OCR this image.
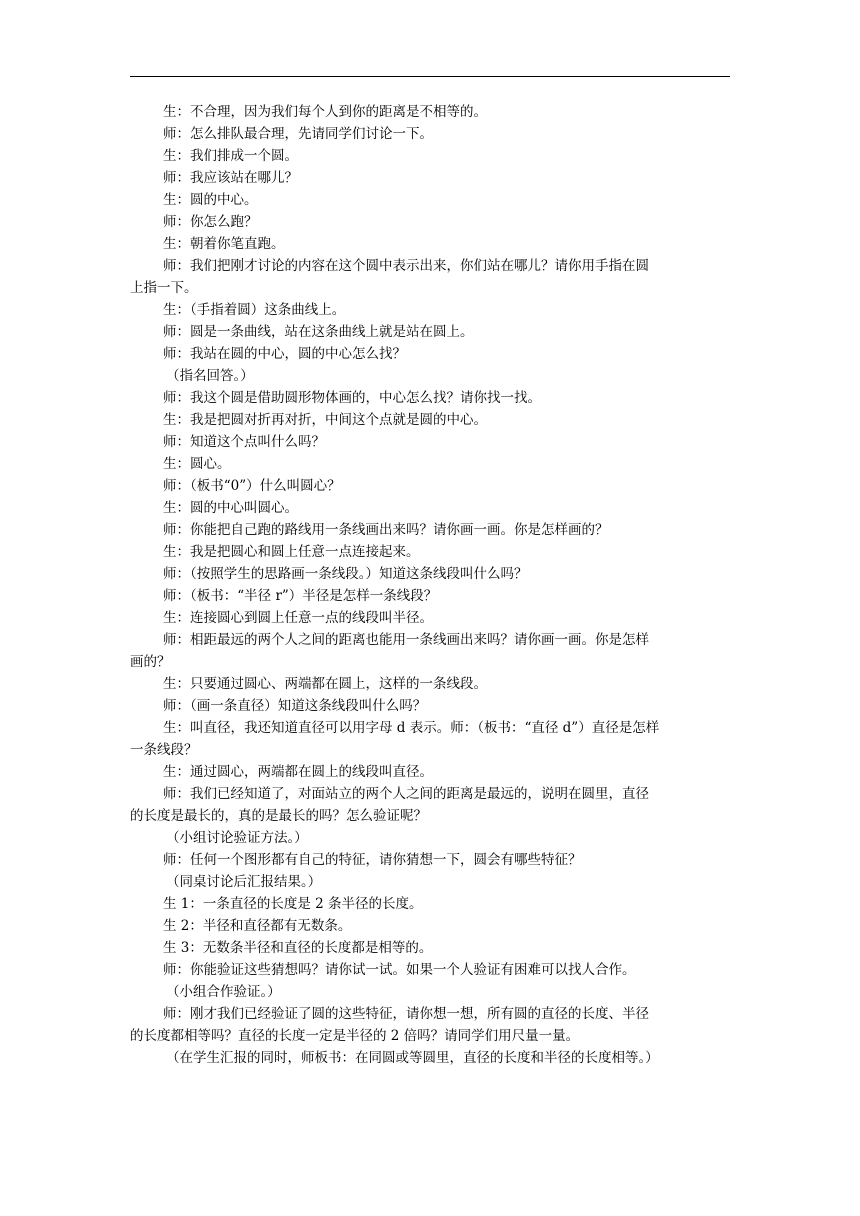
生：不合理，因为我们每个人到你的距离是不相等的。
师：怎么排队最合理，先请同学们讨论一下。
生：我们排成一个圆。
师：我应该站在哪儿？
生：圆的中心。
师：你怎么跑？
生：朝着你笔直跑。
师：我们把刚才讨论的内容在这个圆中表示出来，你们站在哪儿？请你用手指在圆
上指一下。
生：（手指着圆）这条曲线上。
师：圆是一条曲线，站在这条曲线上就是站在圆上。
师：我站在圆的中心，圆的中心怎么找？
（指名回答。）
师：我这个圆是借助圆形物体画的，中心怎么找？请你找一找。
生：我是把圆对折再对折，中间这个点就是圆的中心。
师：知道这个点叫什么吗？
生：圆心。
师：（板书“0”）什么叫圆心？
生：圆的中心叫圆心。
师：你能把自己跑的路线用一条线画出来吗？请你画一画。你是怎样画的？
生：我是把圆心和圆上任意一点连接起来。
师：（按照学生的思路画一条线段。）知道这条线段叫什么吗？
师：（板书：“半径 r”）半径是怎样一条线段？
生：连接圆心到圆上任意一点的线段叫半径。
师：相距最远的两个人之间的距离也能用一条线画出来吗？请你画一画。你是怎样
画的？
生：只要通过圆心、两端都在圆上，这样的一条线段。
师：（画一条直径）知道这条线段叫什么吗？
生：叫直径，我还知道直径可以用字母 d 表示。师：（板书：“直径 d”）直径是怎样
一条线段？
生：通过圆心，两端都在圆上的线段叫直径。
师：我们已经知道了，对面站立的两个人之间的距离是最远的，说明在圆里，直径
的长度是最长的，真的是最长的吗？怎么验证呢？
（小组讨论验证方法。）
师：任何一个图形都有自己的特征，请你猜想一下，圆会有哪些特征？
（同桌讨论后汇报结果。）
生 1：一条直径的长度是 2 条半径的长度。
生 2：半径和直径都有无数条。
生 3：无数条半径和直径的长度都是相等的。
师：你能验证这些猜想吗？请你试一试。如果一个人验证有困难可以找人合作。
（小组合作验证。）
师：刚才我们已经验证了圆的这些特征，请你想一想，所有圆的直径的长度、半径
的长度都相等吗？直径的长度一定是半径的 2 倍吗？请同学们用尺量一量。
（在学生汇报的同时，师板书：在同圆或等圆里，直径的长度和半径的长度相等。）
